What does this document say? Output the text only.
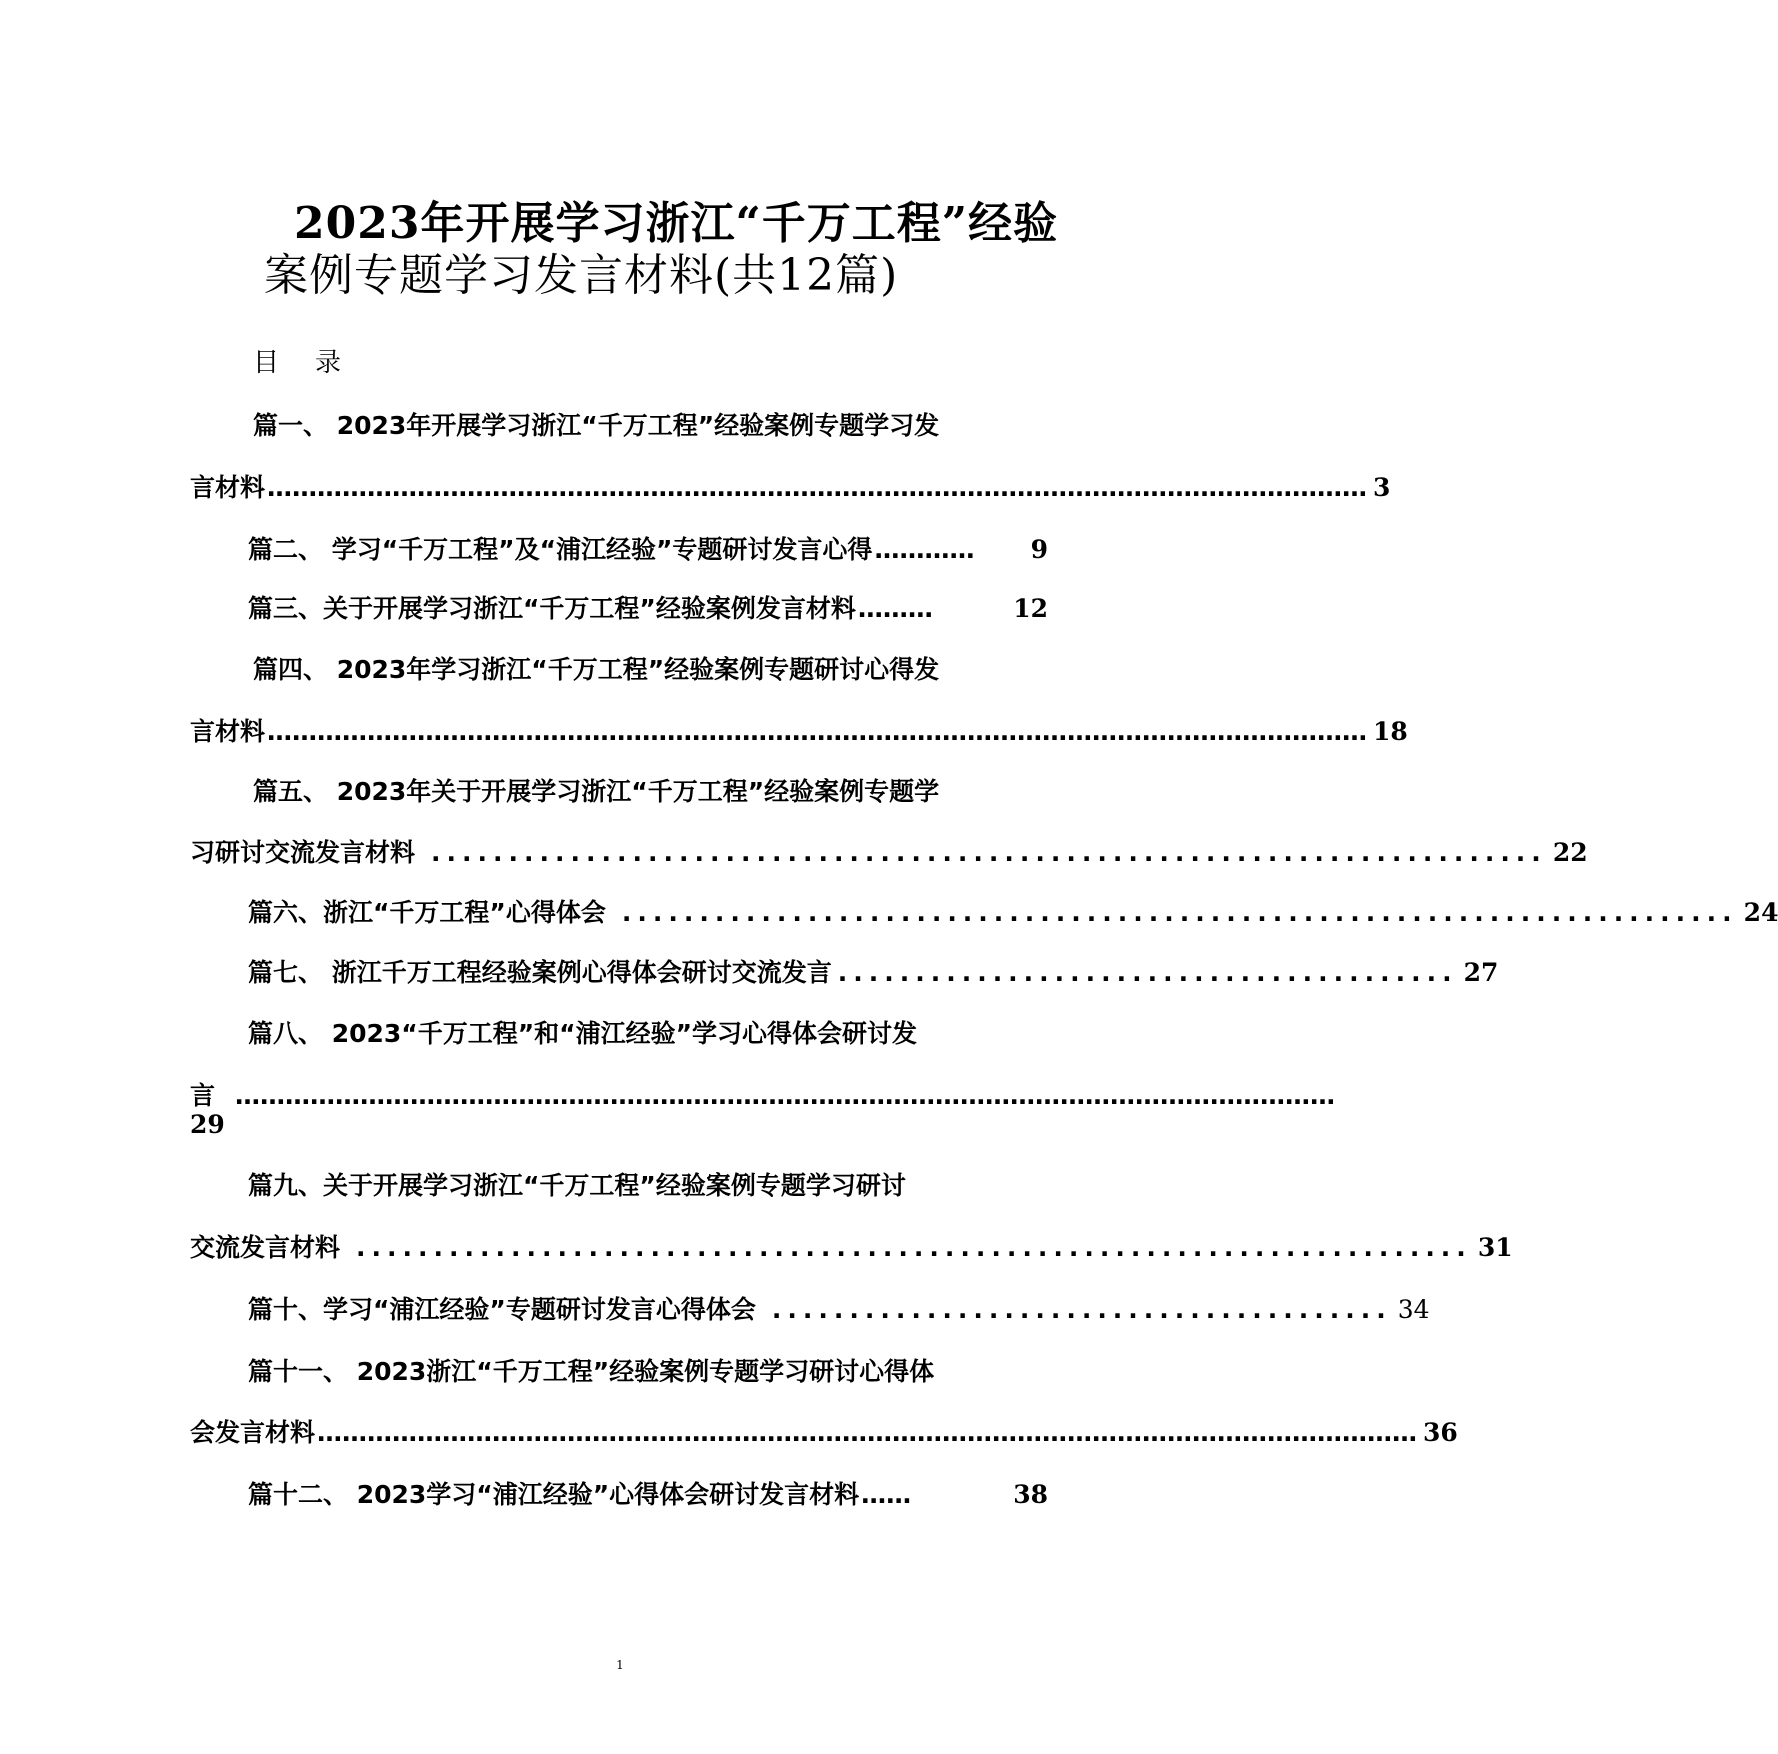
2023年开展学习浙江“千万工程”经验
案例专题学习发言材料(共12篇)
目 录
篇一、 2023年开展学习浙江“千万工程”经验案例专题学习发
言材料 …………………………………………………………………………………………………………………… 3
篇二、 学习“千万工程”及“浦江经验”专题研讨发言心得 …………	9
篇三、关于开展学习浙江“千万工程”经验案例发言材料 ………	12
篇四、 2023年学习浙江“千万工程”经验案例专题研讨心得发
言材料 …………………………………………………………………………………………………………………… 18
篇五、 2023年关于开展学习浙江“千万工程”经验案例专题学
习研讨交流发言材料 ........................................................................ 22
篇六、浙江“千万工程”心得体会 ........................................................................ 24
篇七、 浙江千万工程经验案例心得体会研讨交流发言 ........................................ 27
篇八、 2023“千万工程”和“浦江经验”学习心得体会研讨发
言 ……………………………………………………………………………………………………………………
29
篇九、关于开展学习浙江“千万工程”经验案例专题学习研讨
交流发言材料 ........................................................................ 31
篇十、学习“浦江经验”专题研讨发言心得体会 ........................................ 34
篇十一、 2023浙江“千万工程”经验案例专题学习研讨心得体
会发言材料 …………………………………………………………………………………………………………………… 36
篇十二、 2023学习“浦江经验”心得体会研讨发言材料 ……	38
1
